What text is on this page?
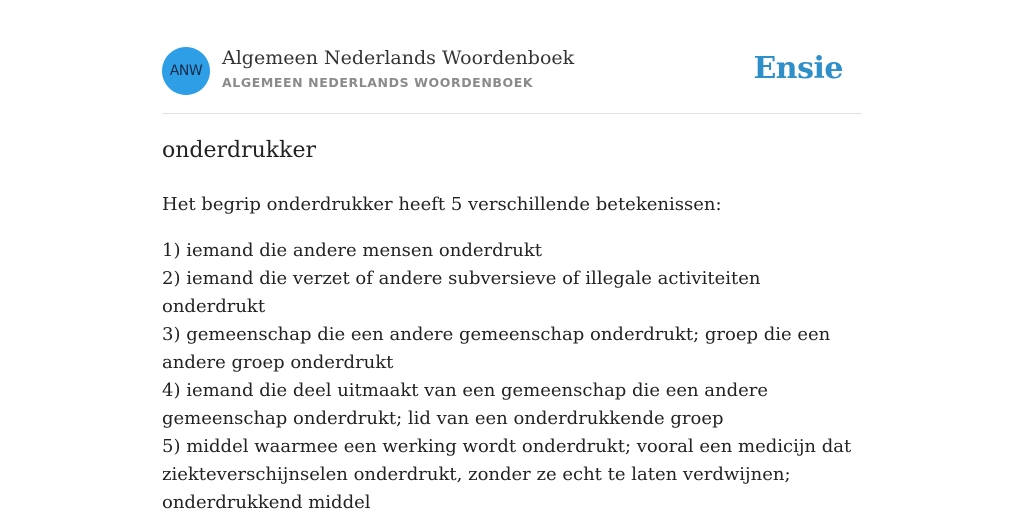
ANW
Algemeen Nederlands Woordenboek
ALGEMEEN NEDERLANDS WOORDENBOEK	Ensie
onderdrukker

Het begrip onderdrukker heeft 5 verschillende betekenissen:

1) iemand die andere mensen onderdrukt
2) iemand die verzet of andere subversieve of illegale activiteiten onderdrukt
3) gemeenschap die een andere gemeenschap onderdrukt; groep die een andere groep onderdrukt
4) iemand die deel uitmaakt van een gemeenschap die een andere gemeenschap onderdrukt; lid van een onderdrukkende groep
5) middel waarmee een werking wordt onderdrukt; vooral een medicijn dat ziekteverschijnselen onderdrukt, zonder ze echt te laten verdwijnen; onderdrukkend middel
